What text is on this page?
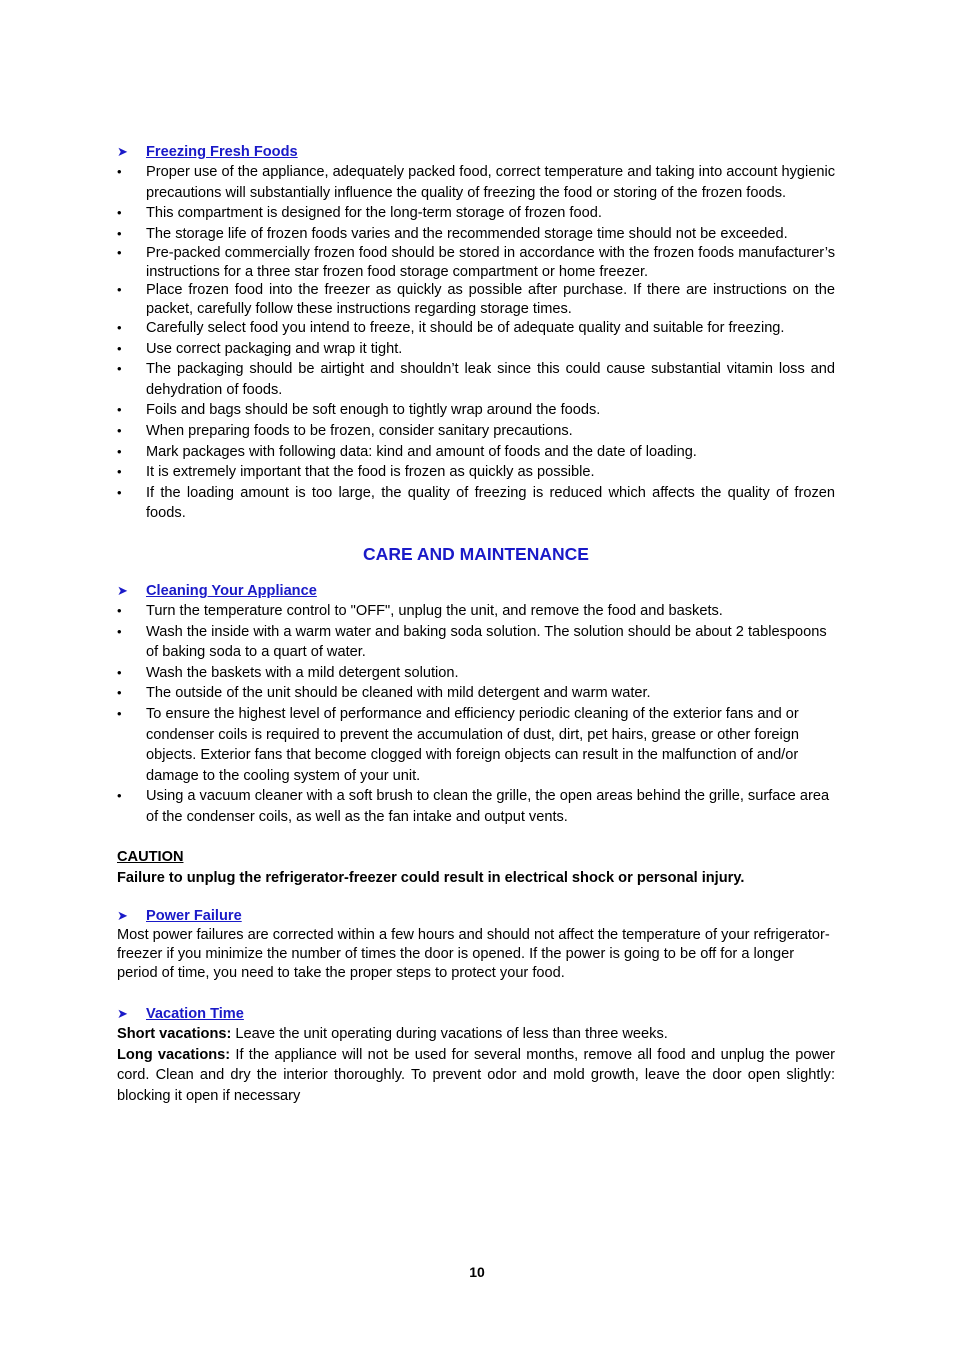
➤	Freezing Fresh Foods
• Proper use of the appliance, adequately packed food, correct temperature and taking into account hygienic precautions will substantially influence the quality of freezing the food or storing of the frozen foods.
• This compartment is designed for the long-term storage of frozen food.
• The storage life of frozen foods varies and the recommended storage time should not be exceeded.
• Pre-packed commercially frozen food should be stored in accordance with the frozen foods manufacturer’s instructions for a three star frozen food storage compartment or home freezer.
• Place frozen food into the freezer as quickly as possible after purchase. If there are instructions on the packet, carefully follow these instructions regarding storage times.
• Carefully select food you intend to freeze, it should be of adequate quality and suitable for freezing.
• Use correct packaging and wrap it tight.
• The packaging should be airtight and shouldn’t leak since this could cause substantial vitamin loss and dehydration of foods.
• Foils and bags should be soft enough to tightly wrap around the foods.
• When preparing foods to be frozen, consider sanitary precautions.
• Mark packages with following data: kind and amount of foods and the date of loading.
• It is extremely important that the food is frozen as quickly as possible.
• If the loading amount is too large, the quality of freezing is reduced which affects the quality of frozen foods.
CARE AND MAINTENANCE
➤	Cleaning Your Appliance
• Turn the temperature control to "OFF", unplug the unit, and remove the food and baskets.
• Wash the inside with a warm water and baking soda solution. The solution should be about 2 tablespoons of baking soda to a quart of water.
• Wash the baskets with a mild detergent solution.
• The outside of the unit should be cleaned with mild detergent and warm water.
• To ensure the highest level of performance and efficiency periodic cleaning of the exterior fans and or condenser coils is required to prevent the accumulation of dust, dirt, pet hairs, grease or other foreign objects. Exterior fans that become clogged with foreign objects can result in the malfunction of and/or damage to the cooling system of your unit.
• Using a vacuum cleaner with a soft brush to clean the grille, the open areas behind the grille, surface area of the condenser coils, as well as the fan intake and output vents.
CAUTION
Failure to unplug the refrigerator-freezer could result in electrical shock or personal injury.
➤	Power Failure

Most power failures are corrected within a few hours and should not affect the temperature of your refrigerator-freezer if you minimize the number of times the door is opened. If the power is going to be off for a longer period of time, you need to take the proper steps to protect your food.

➤	Vacation Time

Short vacations: Leave the unit operating during vacations of less than three weeks.

Long vacations: If the appliance will not be used for several months, remove all food and unplug the power cord. Clean and dry the interior thoroughly. To prevent odor and mold growth, leave the door open slightly: blocking it open if necessary

10
